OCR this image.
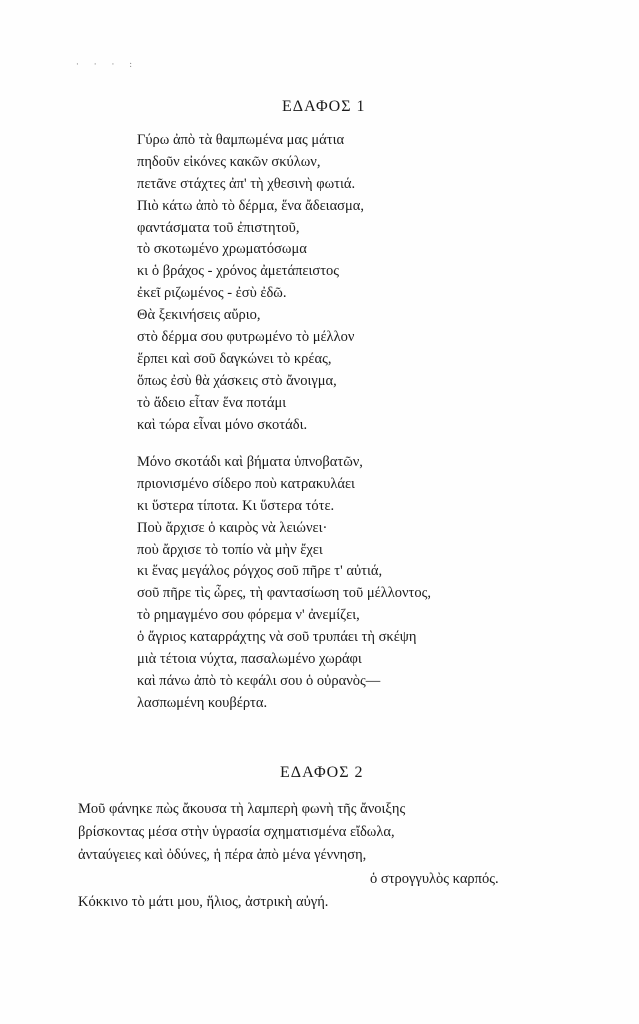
· · · :
ΕΔΑΦΟΣ 1
Γύρω ἀπὸ τὰ θαμπωμένα μας μάτια
πηδοῦν εἰκόνες κακῶν σκύλων,
πετᾶνε στάχτες ἀπ' τὴ χθεσινὴ φωτιά.
Πιὸ κάτω ἀπὸ τὸ δέρμα, ἕνα ἄδειασμα,
φαντάσματα τοῦ ἐπιστητοῦ,
τὸ σκοτωμένο χρωματόσωμα
κι ὁ βράχος - χρόνος ἀμετάπειστος
ἐκεῖ ριζωμένος - ἐσὺ ἐδῶ.
Θὰ ξεκινήσεις αὔριο,
στὸ δέρμα σου φυτρωμένο τὸ μέλλον
ἕρπει καὶ σοῦ δαγκώνει τὸ κρέας,
ὅπως ἐσὺ θὰ χάσκεις στὸ ἄνοιγμα,
τὸ ἄδειο εἶταν ἕνα ποτάμι
καὶ τώρα εἶναι μόνο σκοτάδι.
Μόνο σκοτάδι καὶ βήματα ὑπνοβατῶν,
πριονισμένο σίδερο ποὺ κατρακυλάει
κι ὕστερα τίποτα. Κι ὕστερα τότε.
Ποὺ ἄρχισε ὁ καιρὸς νὰ λειώνει·
ποὺ ἄρχισε τὸ τοπίο νὰ μὴν ἔχει
κι ἕνας μεγάλος ρόγχος σοῦ πῆρε τ' αὐτιά,
σοῦ πῆρε τὶς ὧρες, τὴ φαντασίωση τοῦ μέλλοντος,
τὸ ρημαγμένο σου φόρεμα ν' ἀνεμίζει,
ὁ ἄγριος καταρράχτης νὰ σοῦ τρυπάει τὴ σκέψη
μιὰ τέτοια νύχτα, πασαλωμένο χωράφι
καὶ πάνω ἀπὸ τὸ κεφάλι σου ὁ οὐρανὸς—
λασπωμένη κουβέρτα.
ΕΔΑΦΟΣ 2
Μοῦ φάνηκε πὼς ἄκουσα τὴ λαμπερὴ φωνὴ τῆς ἄνοιξης
βρίσκοντας μέσα στὴν ὑγρασία σχηματισμένα εἴδωλα,
ἀνταύγειες καὶ ὀδύνες, ἡ πέρα ἀπὸ μένα γέννηση,
ὁ στρογγυλὸς καρπός.
Κόκκινο τὸ μάτι μου, ἥλιος, ἀστρικὴ αὐγή.
